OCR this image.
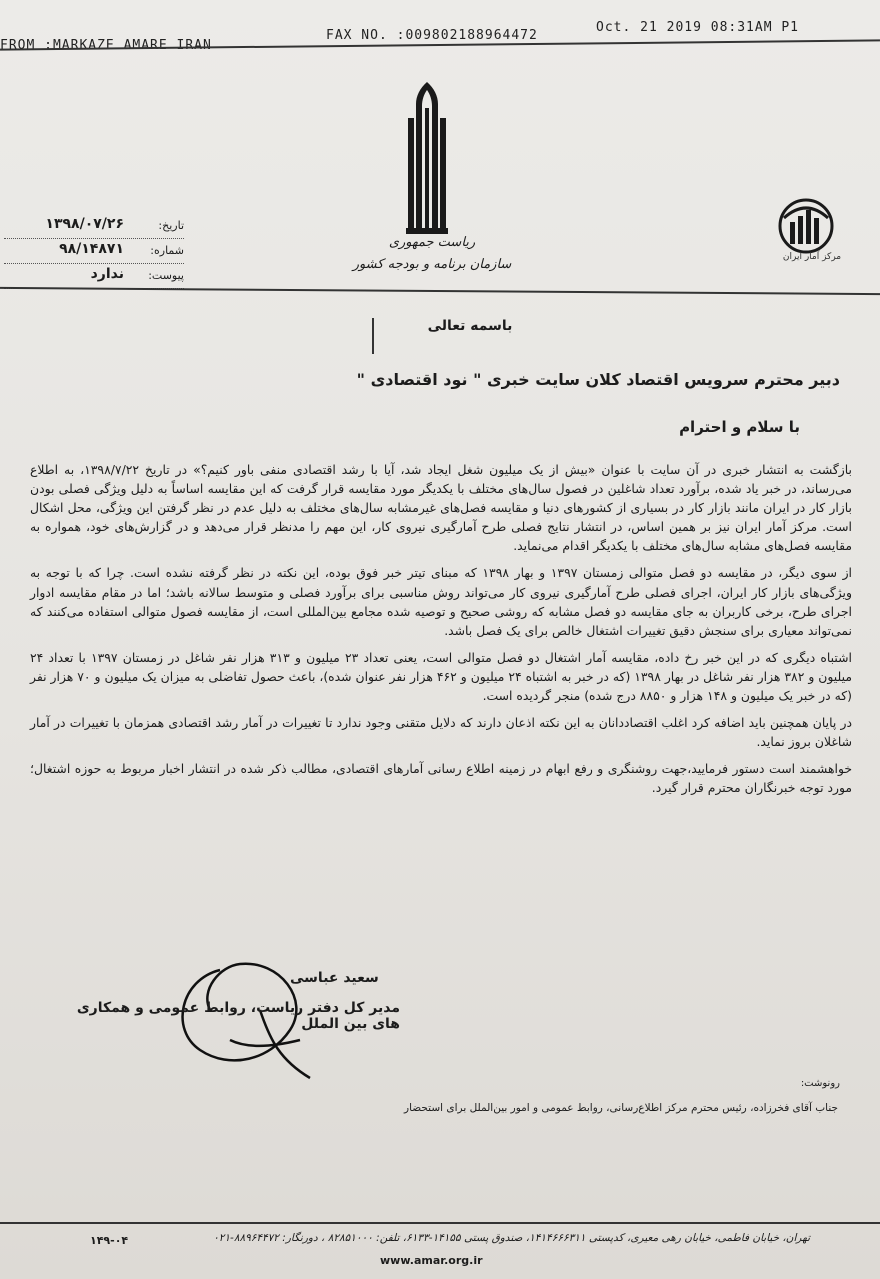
FROM :MARKAZE AMARE IRAN
FAX NO. :00980218896447​2
Oct. 21 2019 08:31AM P1
ریاست جمهوری
سازمان برنامه و بودجه کشور	مرکز آمار ایران
تاریخ:
۱۳۹۸/۰۷/۲۶
شماره:
۹۸/۱۴۸۷۱
پیوست:
ندارد
باسمه تعالی
دبیر محترم سرویس اقتصاد کلان سایت خبری " نود اقتصادی "
با سلام و احترام

بازگشت به انتشار خبری در آن سایت با عنوان «بیش از یک میلیون شغل ایجاد شد، آیا با رشد اقتصادی منفی باور کنیم؟» در تاریخ ۱۳۹۸/۷/۲۲، به اطلاع می‌رساند، در خبر یاد شده، برآورد تعداد شاغلین در فصول سال‌های مختلف با یکدیگر مورد مقایسه قرار گرفت که این مقایسه اساساً به دلیل ویژگی فصلی بودن بازار کار در ایران مانند بازار کار در بسیاری از کشورهای دنیا و مقایسه فصل‌های غیرمشابه سال‌های مختلف به دلیل عدم در نظر گرفتن این ویژگی، محل اشکال است. مرکز آمار ایران نیز بر همین اساس، در انتشار نتایج فصلی طرح آمارگیری نیروی کار، این مهم را مدنظر قرار می‌دهد و در گزارش‌های خود، همواره به مقایسه فصل‌های مشابه سال‌های مختلف با یکدیگر اقدام می‌نماید.

از سوی دیگر، در مقایسه دو فصل متوالی زمستان ۱۳۹۷ و بهار ۱۳۹۸ که مبنای تیتر خبر فوق بوده، این نکته در نظر گرفته نشده است. چرا که با توجه به ویژگی‌های بازار کار ایران، اجرای فصلی طرح آمارگیری نیروی کار می‌تواند روش مناسبی برای برآورد فصلی و متوسط سالانه باشد؛ اما در مقام مقایسه ادوار اجرای طرح، برخی کاربران به جای مقایسه دو فصل مشابه که روشی صحیح و توصیه شده مجامع بین‌المللی است، از مقایسه فصول متوالی استفاده می‌کنند که نمی‌تواند معیاری برای سنجش دقیق تغییرات اشتغال خالص برای یک فصل باشد.

اشتباه دیگری که در این خبر رخ داده، مقایسه آمار اشتغال دو فصل متوالی است، یعنی تعداد ۲۳ میلیون و ۳۱۳ هزار نفر شاغل در زمستان ۱۳۹۷ با تعداد ۲۴ میلیون و ۳۸۲ هزار نفر شاغل در بهار ۱۳۹۸ (که در خبر به اشتباه ۲۴ میلیون و ۴۶۲ هزار نفر عنوان شده)، باعث حصول تفاضلی به میزان یک میلیون و ۷۰ هزار نفر (که در خبر یک میلیون و ۱۴۸ هزار و ۸۸۵۰ درج شده) منجر گردیده است.

در پایان همچنین باید اضافه کرد اغلب اقتصاددانان به این نکته اذعان دارند که دلایل متقنی وجود ندارد تا تغییرات در آمار رشد اقتصادی همزمان با تغییرات در آمار شاغلان بروز نماید.

خواهشمند است دستور فرمایید،جهت روشنگری و رفع ابهام در زمینه اطلاع رسانی آمارهای اقتصادی، مطالب ذکر شده در انتشار اخبار مربوط به حوزه اشتغال؛ مورد توجه خبرنگاران محترم قرار گیرد.

سعید عباسی
مدیر کل دفتر ریاست، روابط عمومی و همکاری های بین الملل
رونوشت:
جناب آقای فخرزاده، رئیس محترم مرکز اطلاع‌رسانی، روابط عمومی و امور بین‌الملل برای استحضار
تهران، خیابان فاطمی، خیابان رهی معیری، کدپستی ۱۴۱۴۶۶۶۳۱۱، صندوق پستی ۱۴۱۵۵-۶۱۳۳، تلفن: ۸۲۸۵۱۰۰۰ ، دورنگار: ۸۸۹۶۴۴۷۲-۰۲۱
۱۴۹-۰۴
www.amar.org.ir
